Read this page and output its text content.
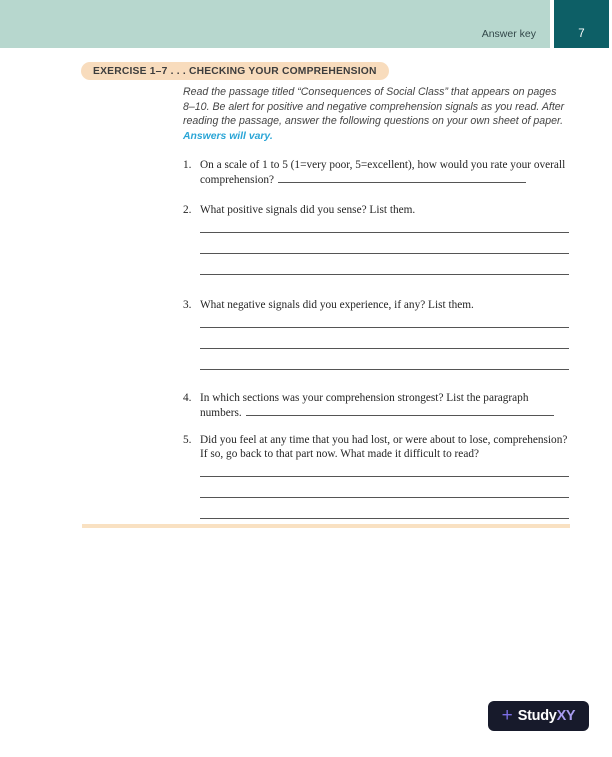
Answer key	7
EXERCISE 1–7 . . . CHECKING YOUR COMPREHENSION
Read the passage titled “Consequences of Social Class” that appears on pages 8–10. Be alert for positive and negative comprehension signals as you read. After reading the passage, answer the following questions on your own sheet of paper.
Answers will vary.
1. On a scale of 1 to 5 (1=very poor, 5=excellent), how would you rate your overall comprehension?
2. What positive signals did you sense? List them.
3. What negative signals did you experience, if any? List them.
4. In which sections was your comprehension strongest? List the paragraph numbers.
5. Did you feel at any time that you had lost, or were about to lose, comprehension? If so, go back to that part now. What made it difficult to read?
+ Study XY
